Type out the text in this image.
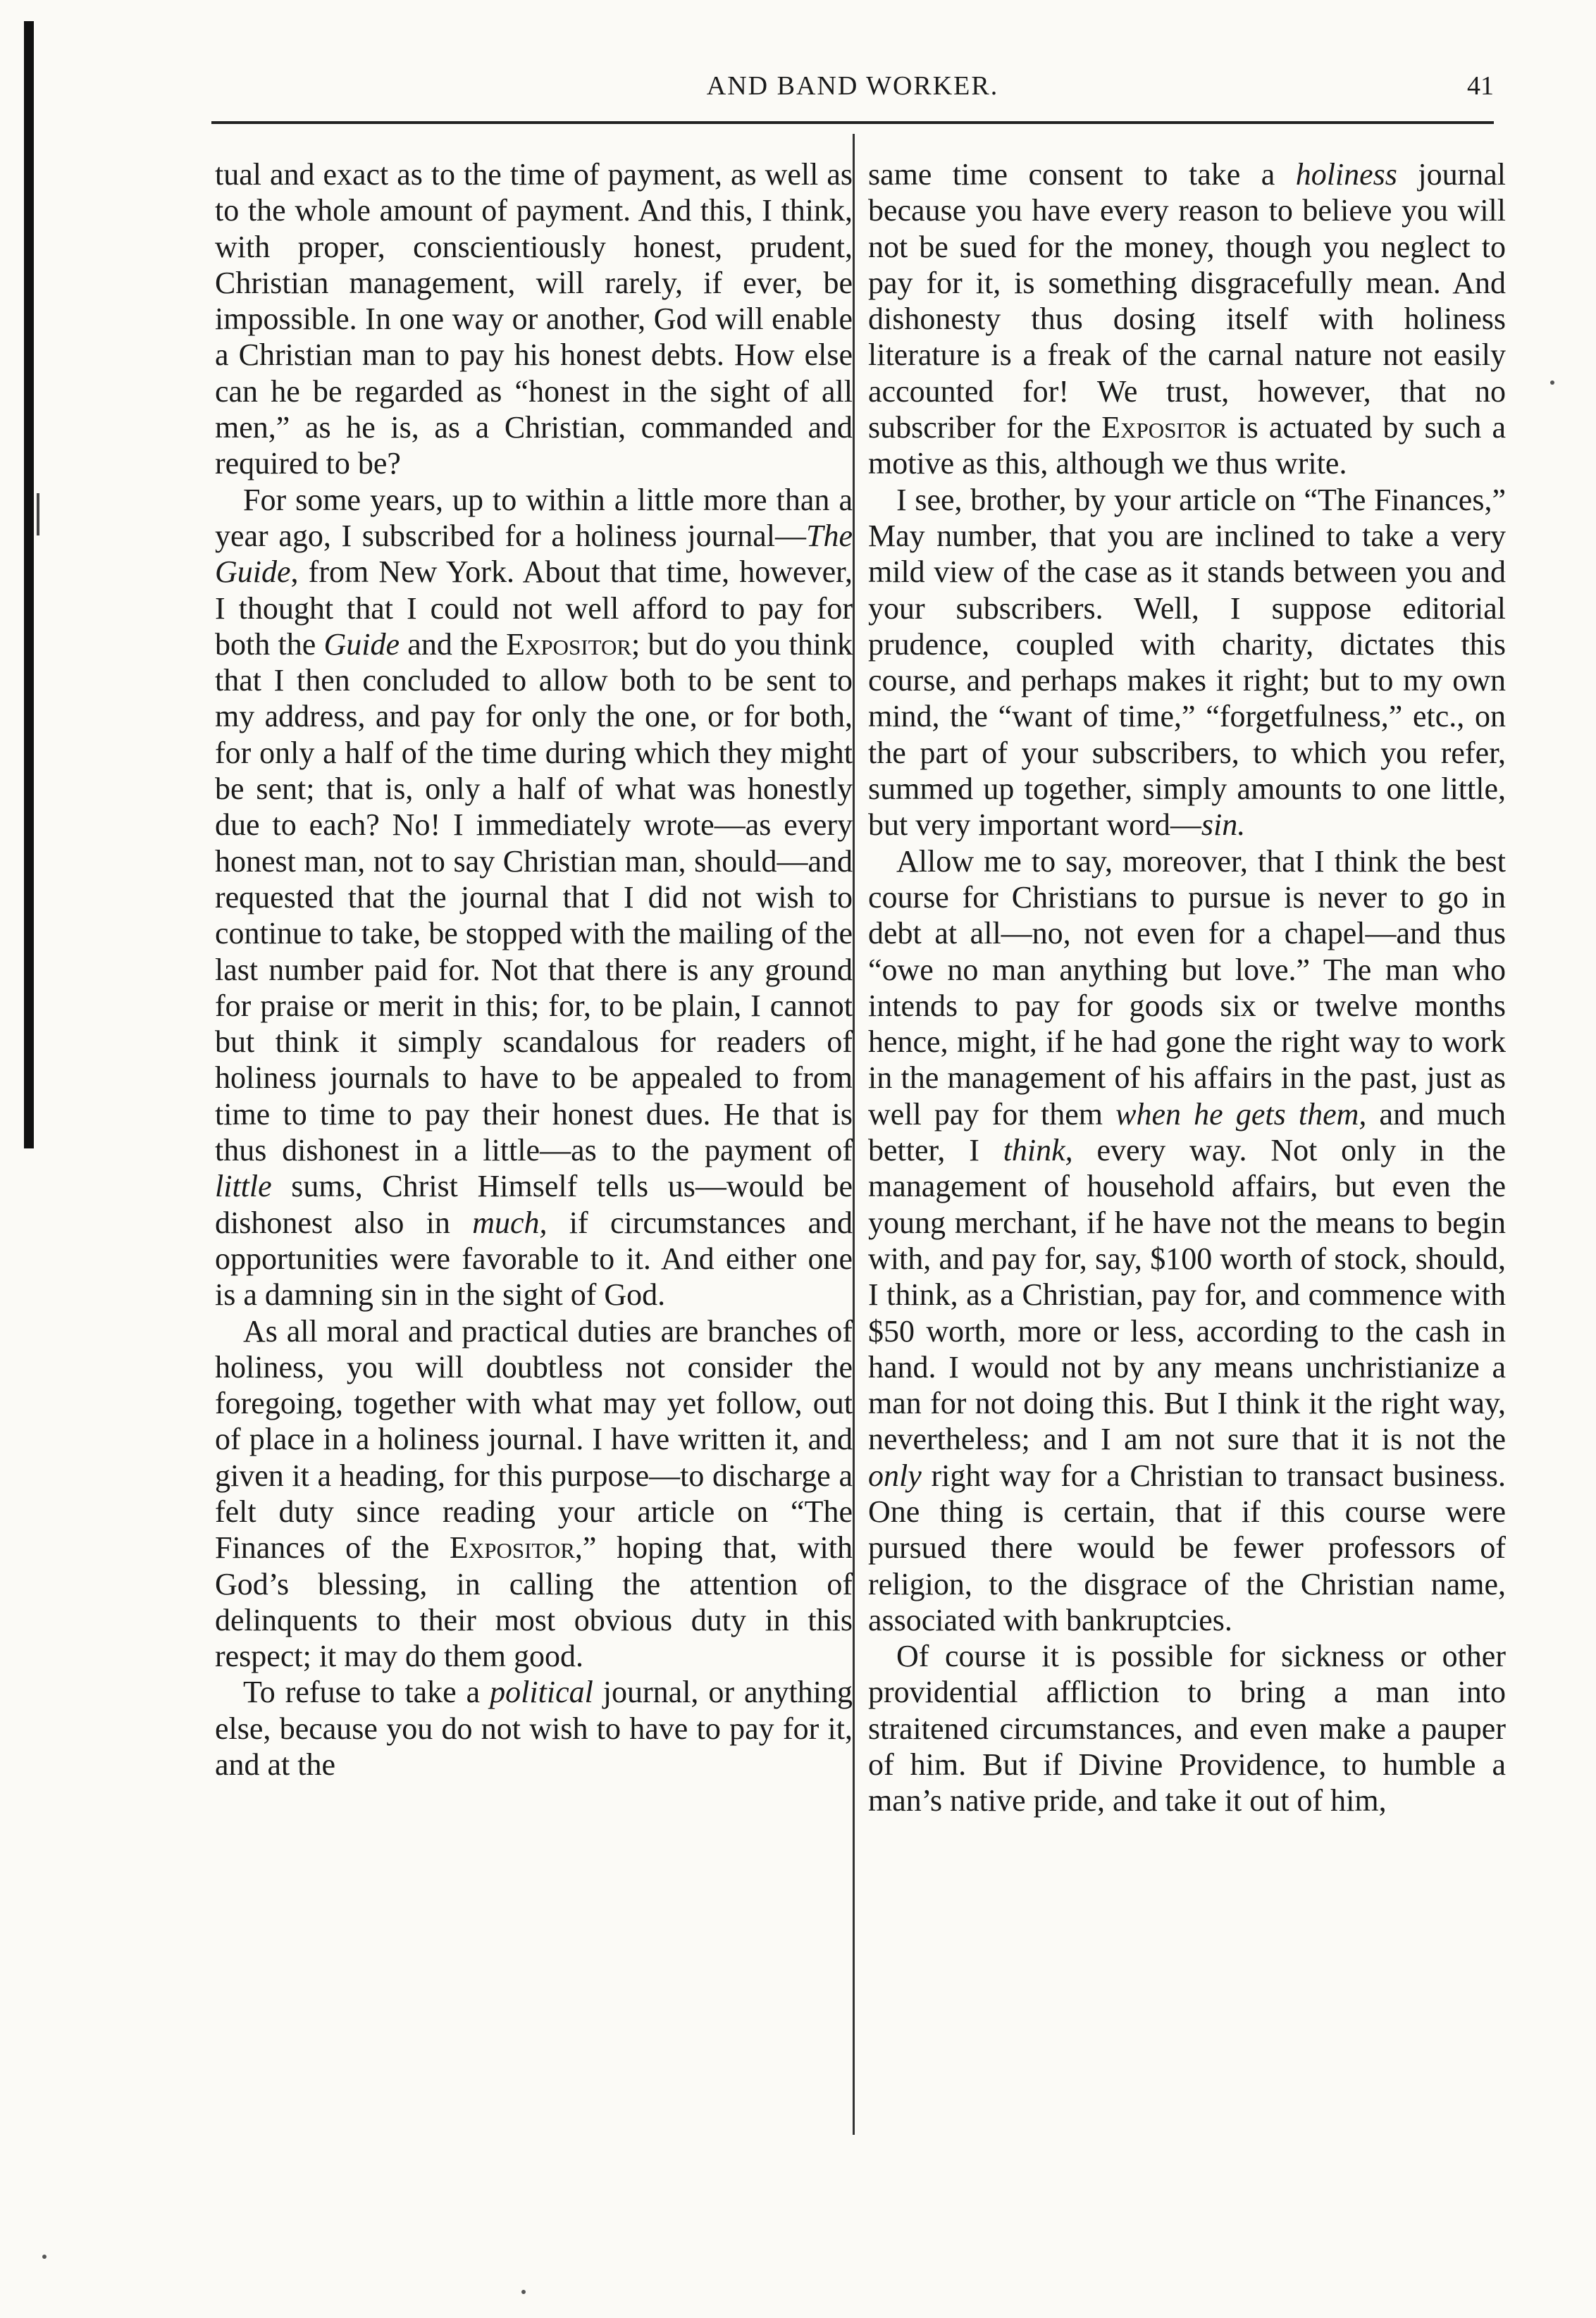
AND BAND WORKER.	41

tual and exact as to the time of payment, as well as to the whole amount of payment. And this, I think, with proper, conscientiously honest, prudent, Christian management, will rarely, if ever, be impossible. In one way or another, God will enable a Christian man to pay his honest debts. How else can he be regarded as “honest in the sight of all men,” as he is, as a Christian, commanded and required to be?

For some years, up to within a little more than a year ago, I subscribed for a holiness journal—The Guide, from New York. About that time, however, I thought that I could not well afford to pay for both the Guide and the Expositor; but do you think that I then concluded to allow both to be sent to my address, and pay for only the one, or for both, for only a half of the time during which they might be sent; that is, only a half of what was honestly due to each? No! I immediately wrote—as every honest man, not to say Christian man, should—and requested that the journal that I did not wish to continue to take, be stopped with the mailing of the last number paid for. Not that there is any ground for praise or merit in this; for, to be plain, I cannot but think it simply scandalous for readers of holiness journals to have to be appealed to from time to time to pay their honest dues. He that is thus dishonest in a little—as to the payment of little sums, Christ Himself tells us—would be dishonest also in much, if circumstances and opportunities were favorable to it. And either one is a damning sin in the sight of God.

As all moral and practical duties are branches of holiness, you will doubtless not consider the foregoing, together with what may yet follow, out of place in a holiness journal. I have written it, and given it a heading, for this purpose—to discharge a felt duty since reading your article on “The Finances of the Expositor,” hoping that, with God’s blessing, in calling the attention of delinquents to their most obvious duty in this respect; it may do them good.

To refuse to take a political journal, or anything else, because you do not wish to have to pay for it, and at the

same time consent to take a holiness journal because you have every reason to believe you will not be sued for the money, though you neglect to pay for it, is something disgracefully mean. And dishonesty thus dosing itself with holiness literature is a freak of the carnal nature not easily accounted for! We trust, however, that no subscriber for the Expositor is actuated by such a motive as this, although we thus write.

I see, brother, by your article on “The Finances,” May number, that you are inclined to take a very mild view of the case as it stands between you and your subscribers. Well, I suppose editorial prudence, coupled with charity, dictates this course, and perhaps makes it right; but to my own mind, the “want of time,” “forgetfulness,” etc., on the part of your subscribers, to which you refer, summed up together, simply amounts to one little, but very important word—sin.

Allow me to say, moreover, that I think the best course for Christians to pursue is never to go in debt at all—no, not even for a chapel—and thus “owe no man anything but love.” The man who intends to pay for goods six or twelve months hence, might, if he had gone the right way to work in the management of his affairs in the past, just as well pay for them when he gets them, and much better, I think, every way. Not only in the management of household affairs, but even the young merchant, if he have not the means to begin with, and pay for, say, $100 worth of stock, should, I think, as a Christian, pay for, and commence with $50 worth, more or less, according to the cash in hand. I would not by any means unchristianize a man for not doing this. But I think it the right way, nevertheless; and I am not sure that it is not the only right way for a Christian to transact business. One thing is certain, that if this course were pursued there would be fewer professors of religion, to the disgrace of the Christian name, associated with bankruptcies.

Of course it is possible for sickness or other providential affliction to bring a man into straitened circumstances, and even make a pauper of him. But if Divine Providence, to humble a man’s native pride, and take it out of him,
